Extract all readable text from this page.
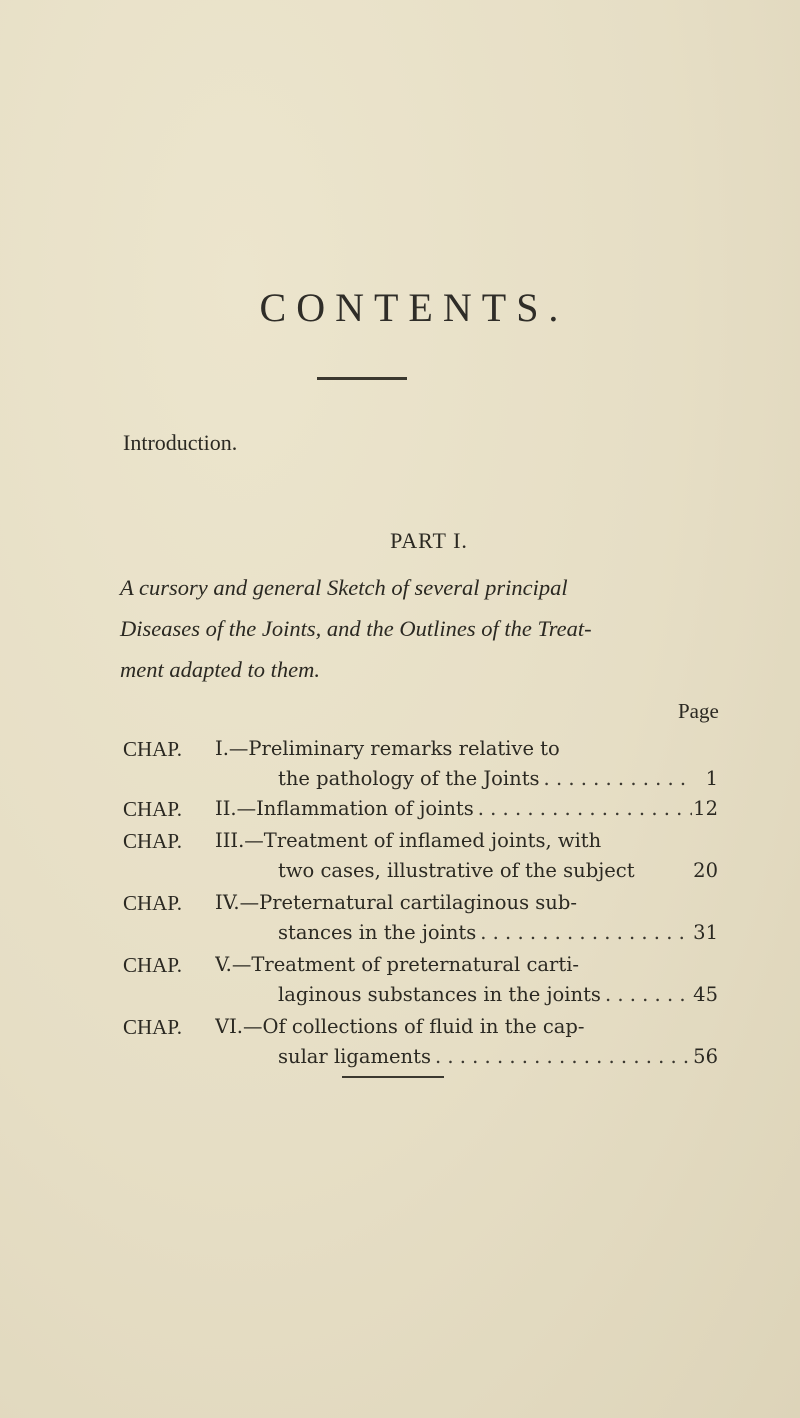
CONTENTS.
Introduction.
PART I.
A cursory and general Sketch of several principal
Diseases of the Joints, and the Outlines of the Treat-
ment adapted to them.
Page
CHAP.	I.—Preliminary remarks relative to
the pathology of the Joints . . .	1
CHAP.	II.—Inflammation of joints . . .	12
CHAP.	III.—Treatment of inflamed joints, with
two cases, illustrative of the subject	20
CHAP.	IV.—Preternatural cartilaginous sub-
stances in the joints . . .	31
CHAP.	V.—Treatment of preternatural carti-
laginous substances in the joints . . .	45
CHAP.	VI.—Of collections of fluid in the cap-
sular ligaments . . .	56
